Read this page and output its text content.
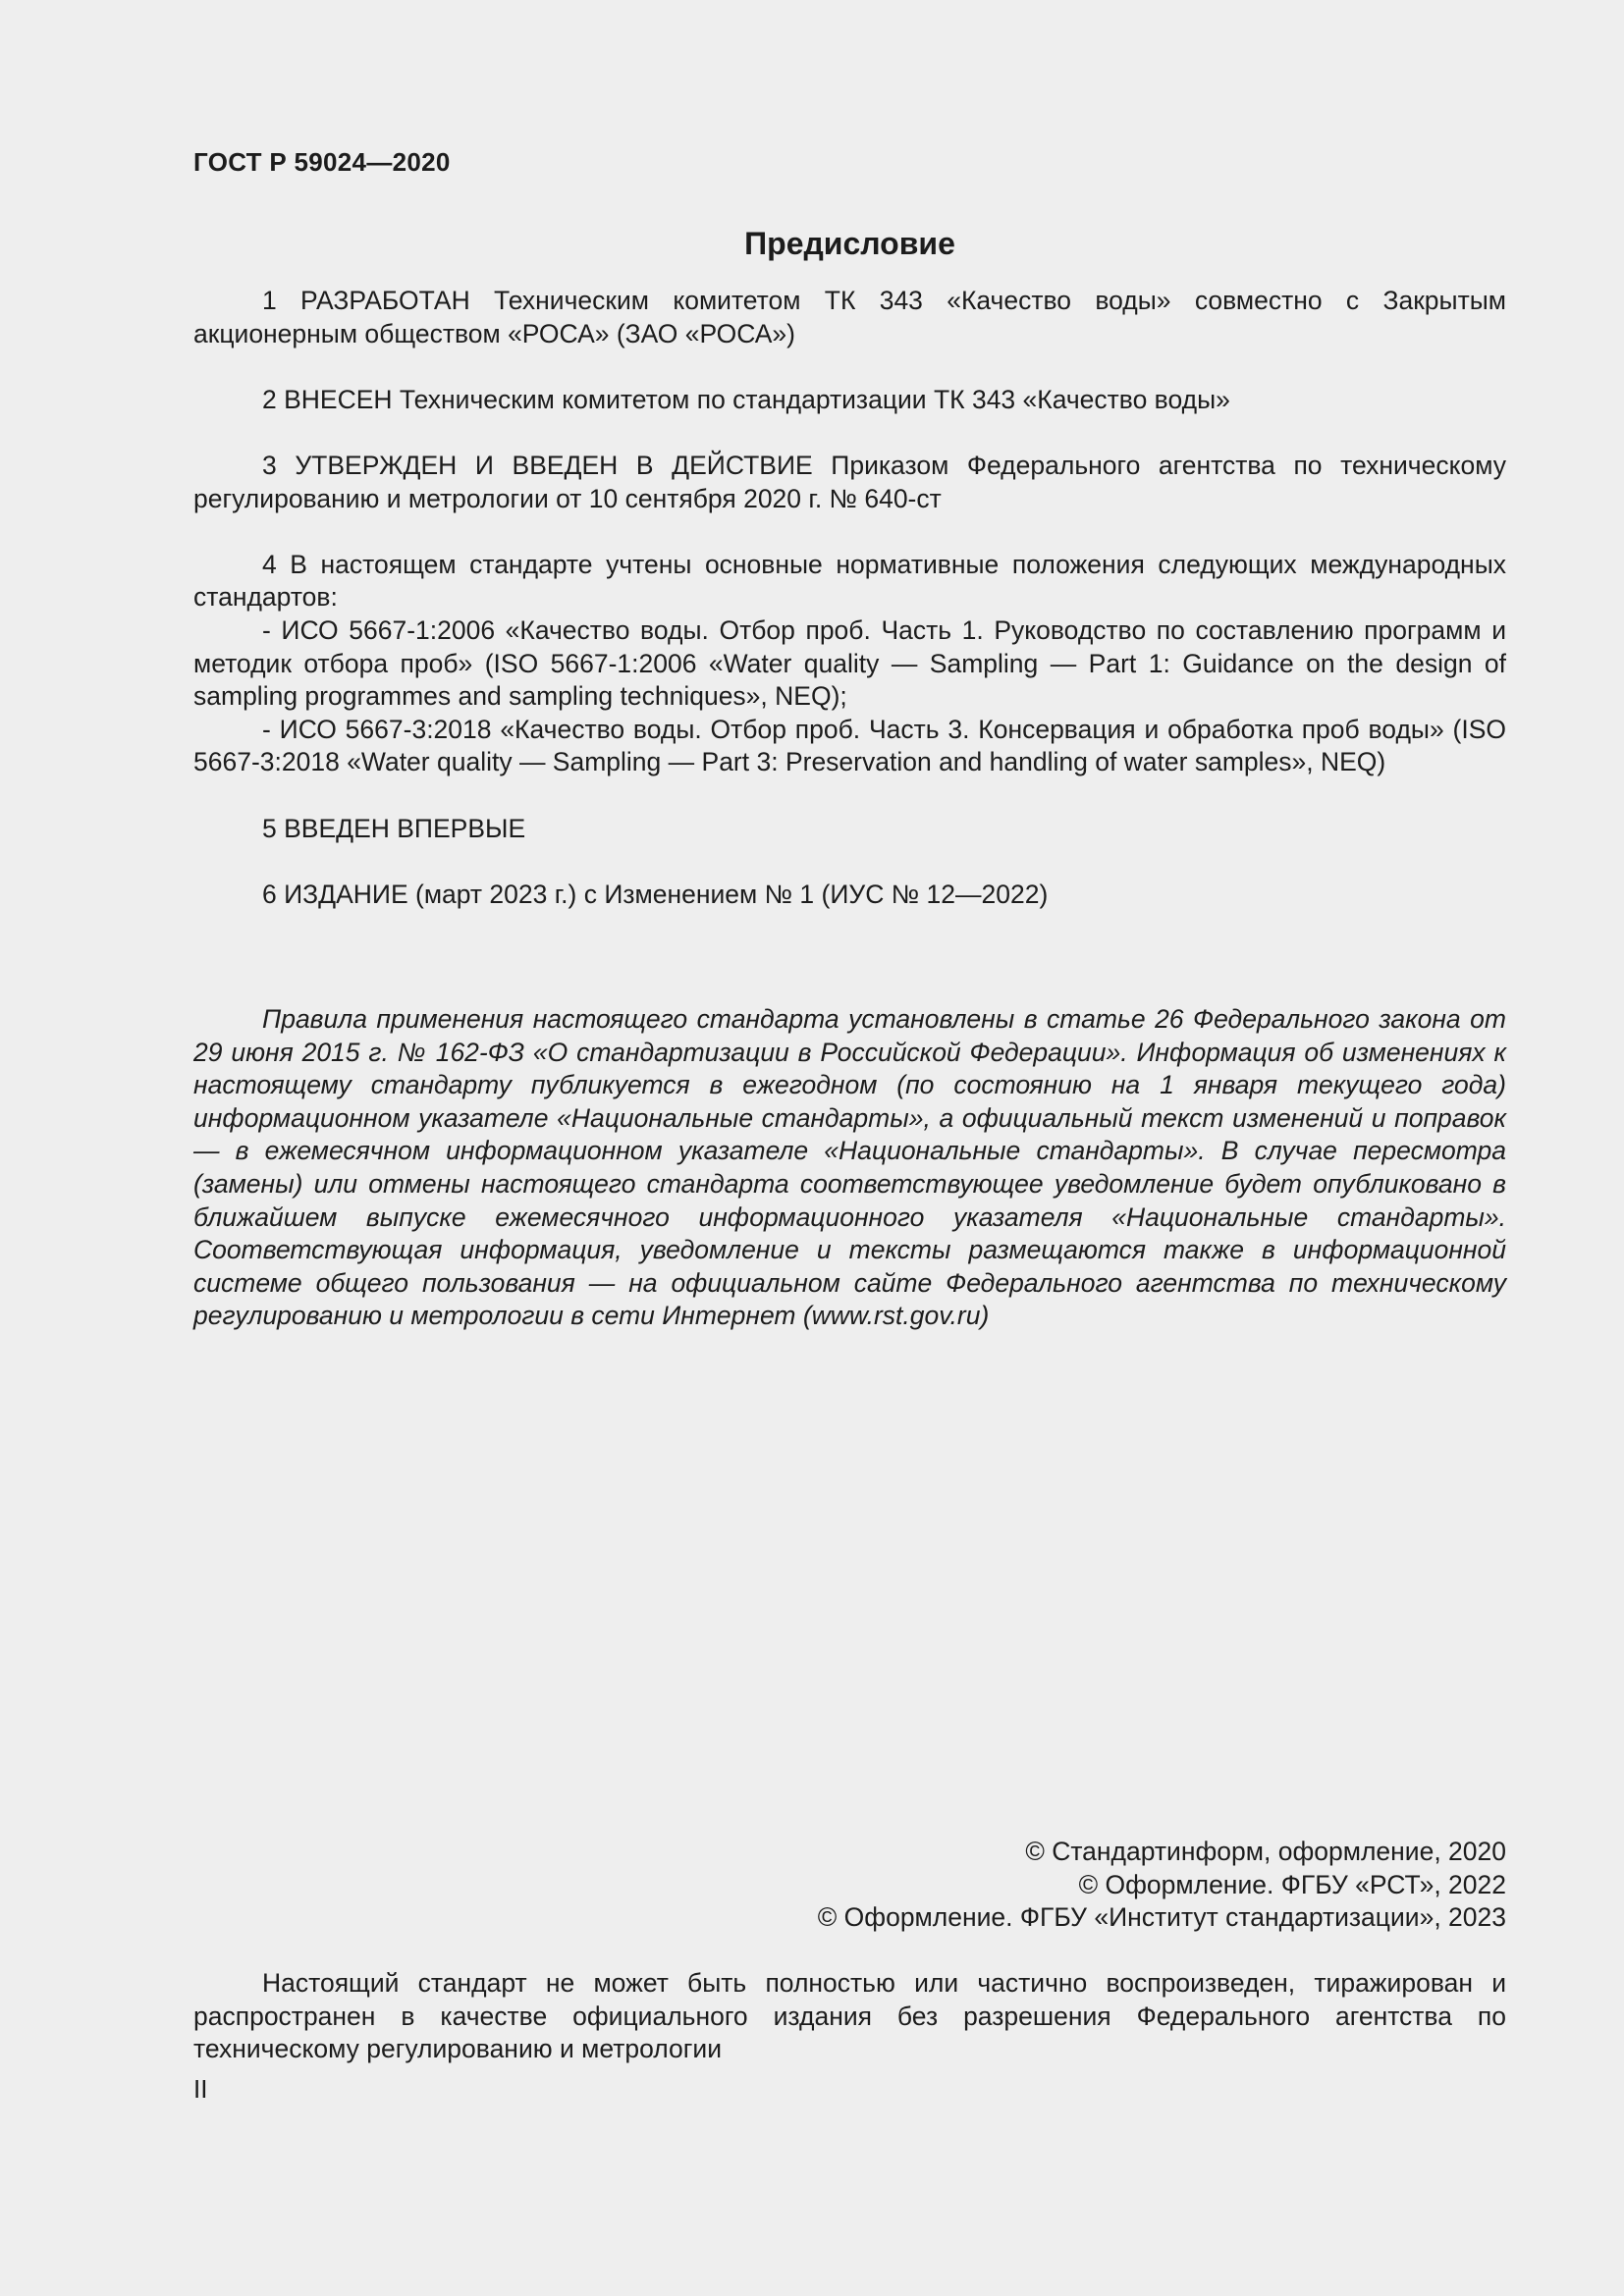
ГОСТ Р 59024—2020
Предисловие

1 РАЗРАБОТАН Техническим комитетом ТК 343 «Качество воды» совместно с Закрытым акционерным обществом «РОСА» (ЗАО «РОСА»)

2 ВНЕСЕН Техническим комитетом по стандартизации ТК 343 «Качество воды»

3 УТВЕРЖДЕН И ВВЕДЕН В ДЕЙСТВИЕ Приказом Федерального агентства по техническому регулированию и метрологии от 10 сентября 2020 г. № 640-ст

4 В настоящем стандарте учтены основные нормативные положения следующих международных стандартов:

- ИСО 5667-1:2006 «Качество воды. Отбор проб. Часть 1. Руководство по составлению программ и методик отбора проб» (ISO 5667-1:2006 «Water quality — Sampling — Part 1: Guidance on the design of sampling programmes and sampling techniques», NEQ);

- ИСО 5667-3:2018 «Качество воды. Отбор проб. Часть 3. Консервация и обработка проб воды» (ISO 5667-3:2018 «Water quality — Sampling — Part 3: Preservation and handling of water samples», NEQ)

5 ВВЕДЕН ВПЕРВЫЕ

6 ИЗДАНИЕ (март 2023 г.) с Изменением № 1 (ИУС № 12—2022)

Правила применения настоящего стандарта установлены в статье 26 Федерального закона от 29 июня 2015 г. № 162-ФЗ «О стандартизации в Российской Федерации». Информация об изменениях к настоящему стандарту публикуется в ежегодном (по состоянию на 1 января текущего года) информационном указателе «Национальные стандарты», а официальный текст изменений и поправок — в ежемесячном информационном указателе «Национальные стандарты». В случае пересмотра (замены) или отмены настоящего стандарта соответствующее уведомление будет опубликовано в ближайшем выпуске ежемесячного информационного указателя «Национальные стандарты». Соответствующая информация, уведомление и тексты размещаются также в информационной системе общего пользования — на официальном сайте Федерального агентства по техническому регулированию и метрологии в сети Интернет (www.rst.gov.ru)

© Стандартинформ, оформление, 2020
© Оформление. ФГБУ «РСТ», 2022
© Оформление. ФГБУ «Институт стандартизации», 2023

Настоящий стандарт не может быть полностью или частично воспроизведен, тиражирован и распространен в качестве официального издания без разрешения Федерального агентства по техническому регулированию и метрологии

II
